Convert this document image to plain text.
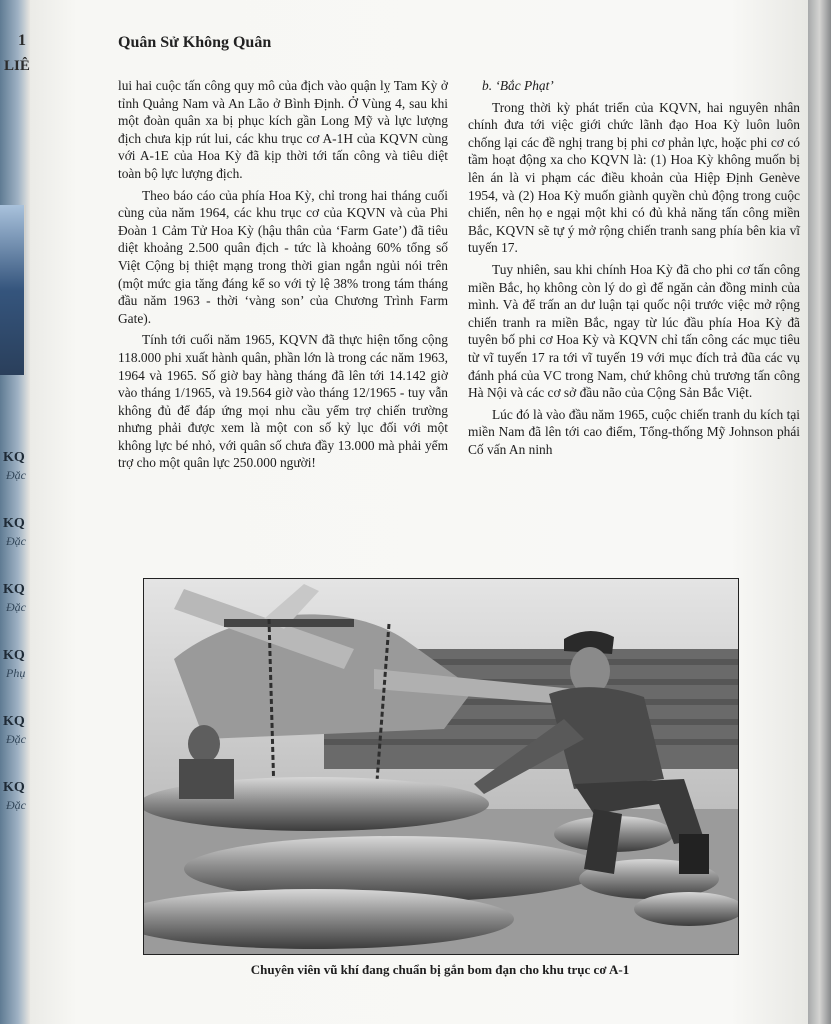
1
LIÊ
KQ
Đặc
KQ
Đặc
KQ
Đặc
KQ
Phụ
KQ
Đặc
KQ
Đặc
Quân Sử Không Quân

lui hai cuộc tấn công quy mô của địch vào quận lỵ Tam Kỳ ở tỉnh Quảng Nam và An Lão ở Bình Định. Ở Vùng 4, sau khi một đoàn quân xa bị phục kích gần Long Mỹ và lực lượng địch chưa kịp rút lui, các khu trục cơ A-1H của KQVN cùng với A-1E của Hoa Kỳ đã kịp thời tới tấn công và tiêu diệt toàn bộ lực lượng địch.

Theo báo cáo của phía Hoa Kỳ, chỉ trong hai tháng cuối cùng của năm 1964, các khu trục cơ của KQVN và của Phi Đoàn 1 Cảm Tử Hoa Kỳ (hậu thân của ‘Farm Gate’) đã tiêu diệt khoảng 2.500 quân địch - tức là khoảng 60% tổng số Việt Cộng bị thiệt mạng trong thời gian ngắn ngủi nói trên (một mức gia tăng đáng kể so với tỷ lệ 38% trong tám tháng đầu năm 1963 - thời ‘vàng son’ của Chương Trình Farm Gate).

Tính tới cuối năm 1965, KQVN đã thực hiện tổng cộng 118.000 phi xuất hành quân, phần lớn là trong các năm 1963, 1964 và 1965. Số giờ bay hàng tháng đã lên tới 14.142 giờ vào tháng 1/1965, và 19.564 giờ vào tháng 12/1965 - tuy vẫn không đủ để đáp ứng mọi nhu cầu yểm trợ chiến trường nhưng phải được xem là một con số kỷ lục đối với một không lực bé nhỏ, với quân số chưa đầy 13.000 mà phải yểm trợ cho một quân lực 250.000 người!

b. ‘Bắc Phạt’

Trong thời kỳ phát triển của KQVN, hai nguyên nhân chính đưa tới việc giới chức lãnh đạo Hoa Kỳ luôn luôn chống lại các đề nghị trang bị phi cơ phản lực, hoặc phi cơ có tầm hoạt động xa cho KQVN là: (1) Hoa Kỳ không muốn bị lên án là vi phạm các điều khoản của Hiệp Định Genève 1954, và (2) Hoa Kỳ muốn giành quyền chủ động trong cuộc chiến, nên họ e ngại một khi có đủ khả năng tấn công miền Bắc, KQVN sẽ tự ý mở rộng chiến tranh sang phía bên kia vĩ tuyến 17.

Tuy nhiên, sau khi chính Hoa Kỳ đã cho phi cơ tấn công miền Bắc, họ không còn lý do gì để ngăn cản đồng minh của mình. Và để trấn an dư luận tại quốc nội trước việc mở rộng chiến tranh ra miền Bắc, ngay từ lúc đầu phía Hoa Kỳ đã tuyên bố phi cơ Hoa Kỳ và KQVN chỉ tấn công các mục tiêu từ vĩ tuyến 17 ra tới vĩ tuyến 19 với mục đích trả đũa các vụ đánh phá của VC trong Nam, chứ không chủ trương tấn công Hà Nội và các cơ sở đầu não của Cộng Sản Bắc Việt.

Lúc đó là vào đầu năm 1965, cuộc chiến tranh du kích tại miền Nam đã lên tới cao điểm, Tổng-thống Mỹ Johnson phái Cố vấn An ninh

Chuyên viên vũ khí đang chuẩn bị gắn bom đạn cho khu trục cơ A-1
